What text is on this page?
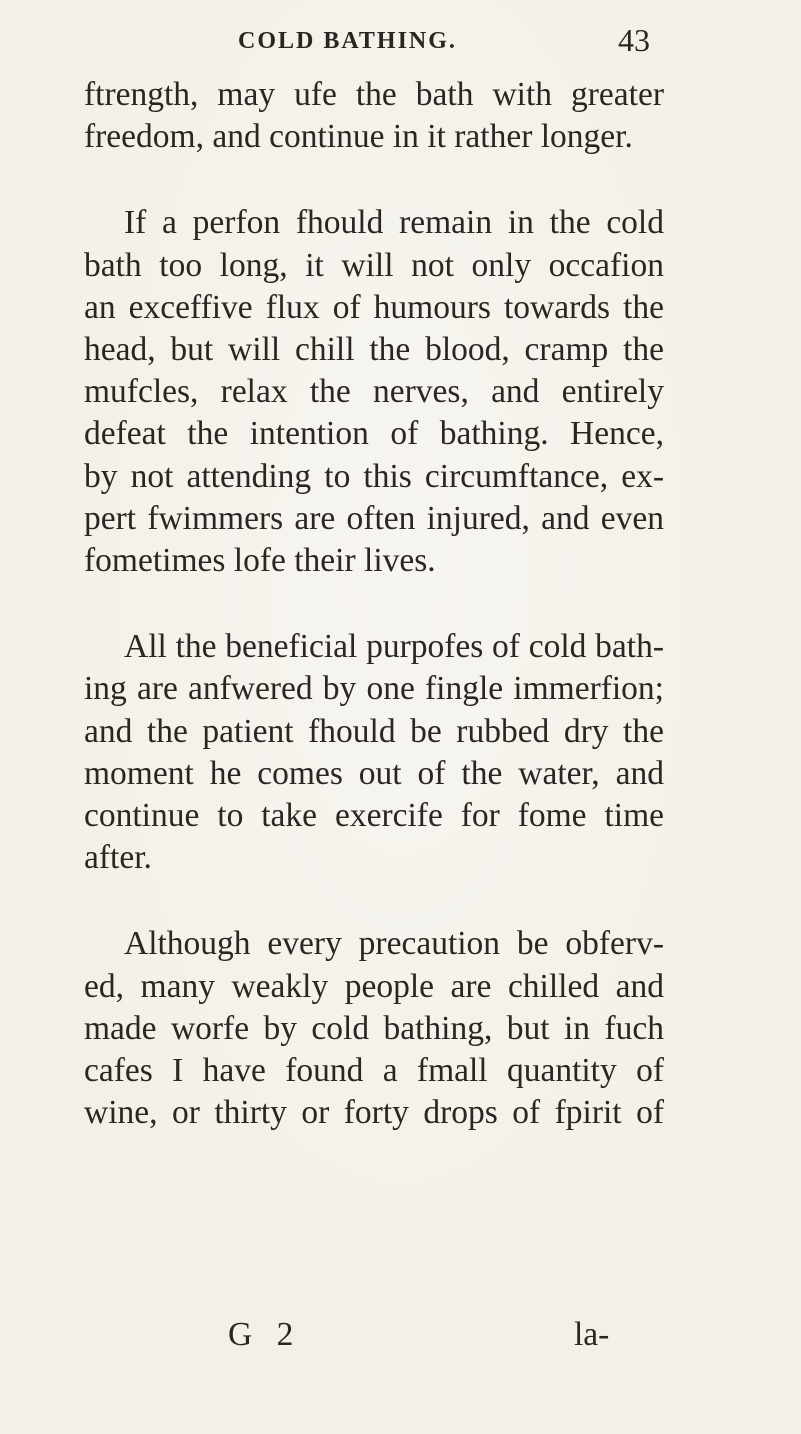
COLD BATHING.	43
ftrength, may ufe the bath with greater
freedom, and continue in it rather longer.
If a perfon fhould remain in the cold
bath too long, it will not only occafion
an exceffive flux of humours towards the
head, but will chill the blood, cramp the
mufcles, relax the nerves, and entirely
defeat the intention of bathing. Hence,
by not attending to this circumftance, ex-
pert fwimmers are often injured, and even
fometimes lofe their lives.
All the beneficial purpofes of cold bath-
ing are anfwered by one fingle immerfion;
and the patient fhould be rubbed dry the
moment he comes out of the water, and
continue to take exercife for fome time
after.
Although every precaution be obferv-
ed, many weakly people are chilled and
made worfe by cold bathing, but in fuch
cafes I have found a fmall quantity of
wine, or thirty or forty drops of fpirit of
G 2	la-
